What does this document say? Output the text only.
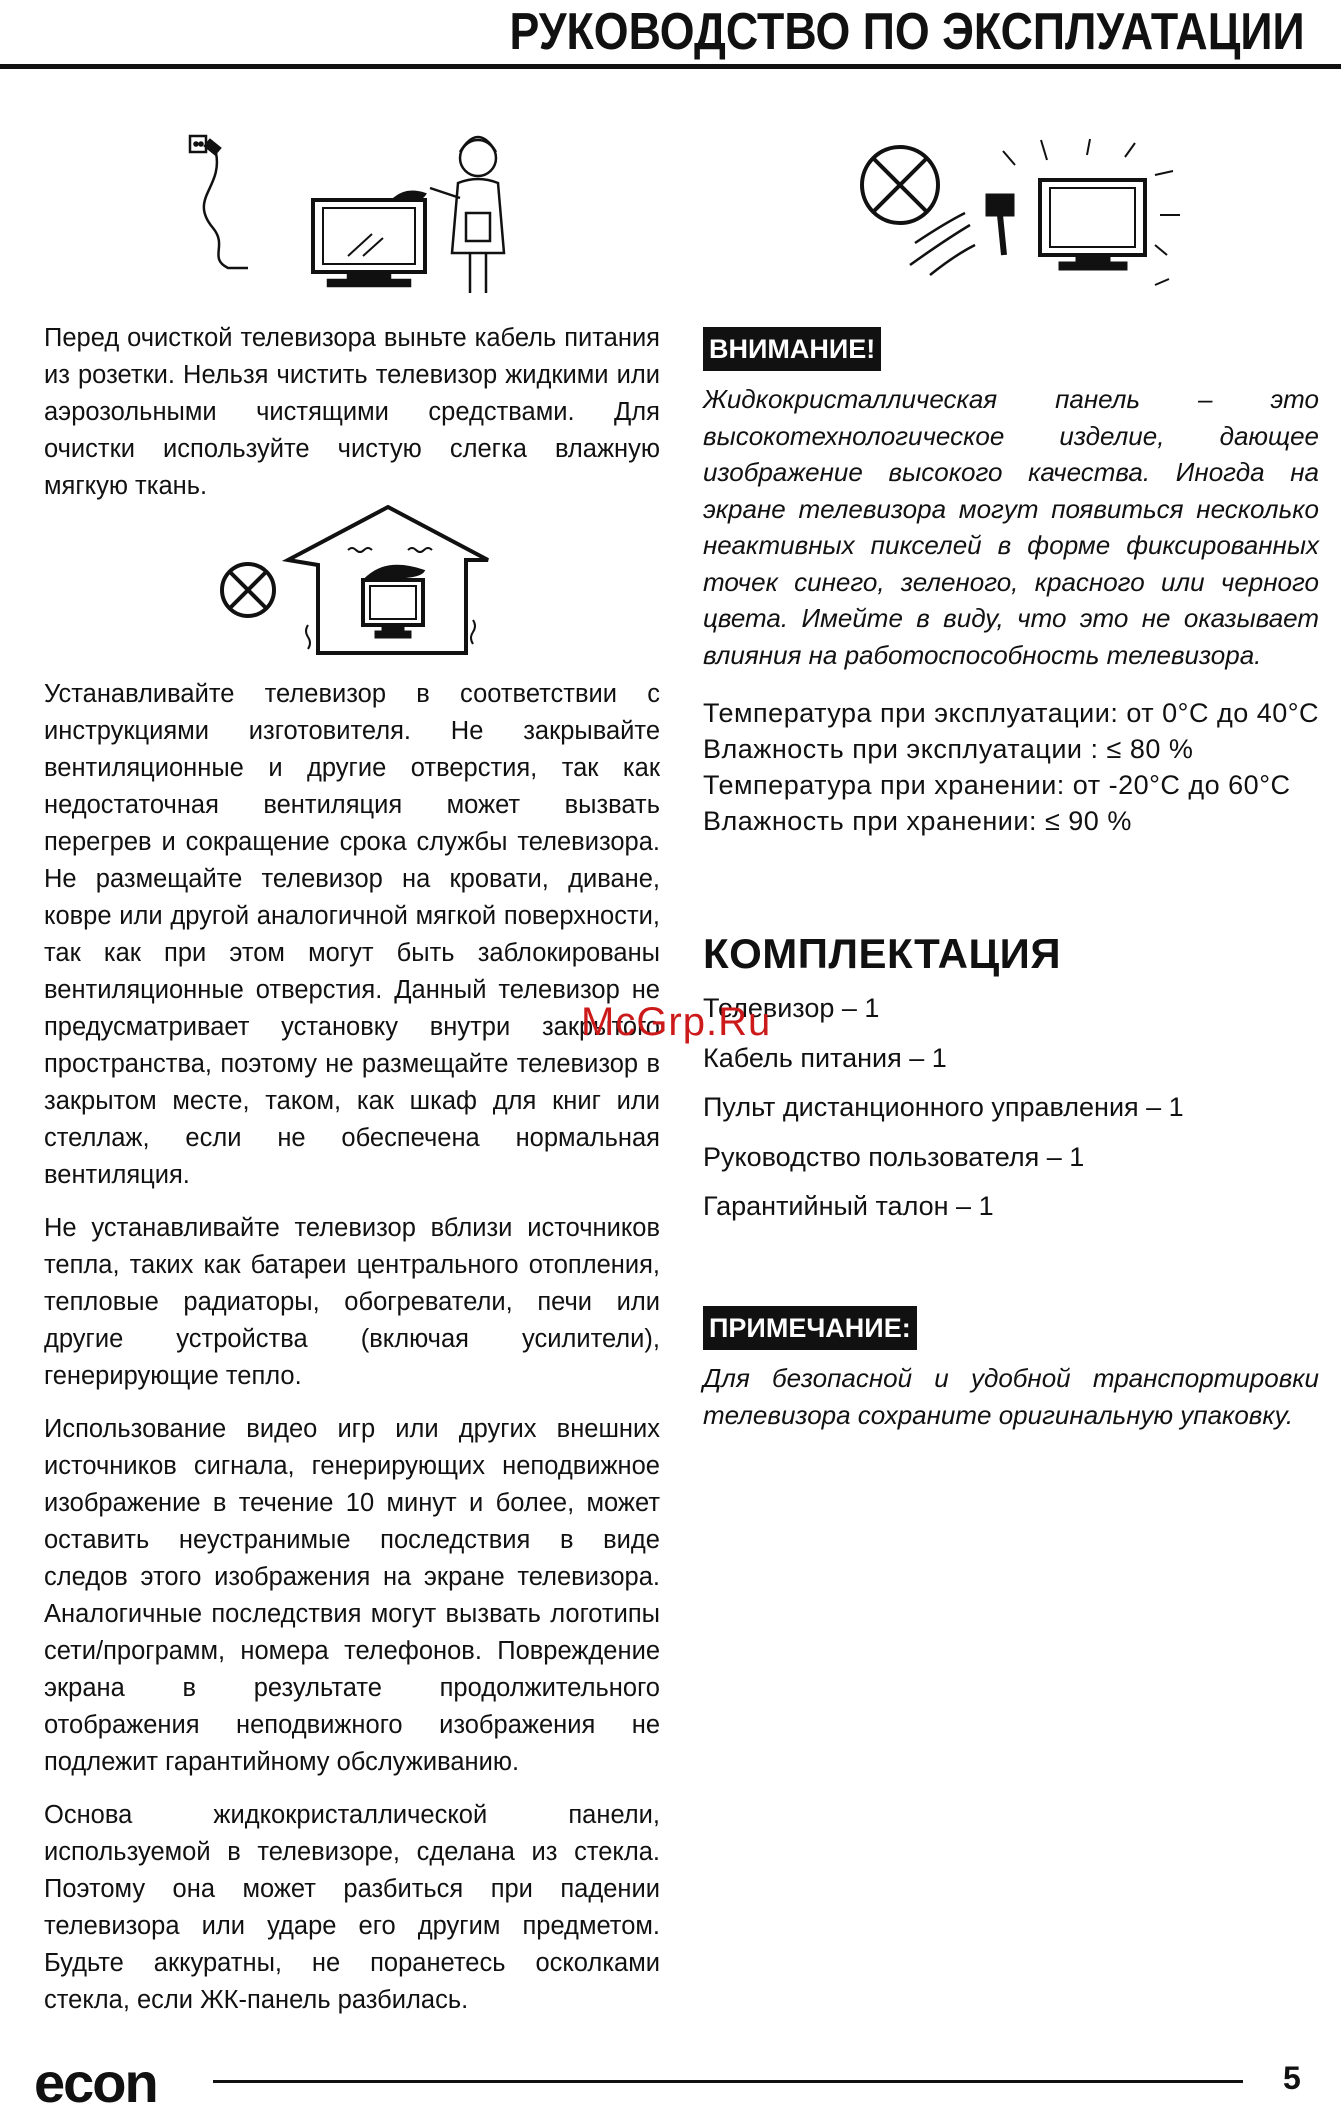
РУКОВОДСТВО ПО ЭКСПЛУАТАЦИИ

Перед очисткой телевизора выньте кабель питания из розетки. Нельзя чистить телевизор жидкими или аэрозольными чистящими средствами. Для очистки используйте чистую слегка влажную мягкую ткань.

Устанавливайте телевизор в соответствии с инструкциями изготовителя. Не закрывайте вентиляционные и другие отверстия, так как недостаточная вентиляция может вызвать перегрев и сокращение срока службы телевизора. Не размещайте телевизор на кровати, диване, ковре или другой аналогичной мягкой поверхности, так как при этом могут быть заблокированы вентиляционные отверстия. Данный телевизор не предусматривает установку внутри закрытого пространства, поэтому не размещайте телевизор в закрытом месте, таком, как шкаф для книг или стеллаж, если не обеспечена нормальная вентиляция.

Не устанавливайте телевизор вблизи источников тепла, таких как батареи центрального отопления, тепловые радиаторы, обогреватели, печи или другие устройства (включая усилители), генерирующие тепло.

Использование видео игр или других внешних источников сигнала, генерирующих неподвижное изображение в течение 10 минут и более, может оставить неустранимые последствия в виде следов этого изображения на экране телевизора. Аналогичные последствия могут вызвать логотипы сети/программ, номера телефонов. Повреждение экрана в результате продолжительного отображения неподвижного изображения не подлежит гарантийному обслуживанию.

Основа жидкокристаллической панели, используемой в телевизоре, сделана из стекла. Поэтому она может разбиться при падении телевизора или ударе его другим предметом. Будьте аккуратны, не поранетесь осколками стекла, если ЖК-панель разбилась.

ВНИМАНИЕ!

Жидкокристаллическая панель – это высокотехнологическое изделие, дающее изображение высокого качества. Иногда на экране телевизора могут появиться несколько неактивных пикселей в форме фиксированных точек синего, зеленого, красного или черного цвета. Имейте в виду, что это не оказывает влияния на работоспособность телевизора.

Температура при эксплуатации: от 0°С до 40°С

Влажность при эксплуатации : ≤ 80 %

Температура при хранении: от -20°С до 60°С

Влажность при хранении: ≤ 90 %

КОМПЛЕКТАЦИЯ

Телевизор – 1

Кабель питания – 1

Пульт дистанционного управления – 1

Руководство пользователя – 1

Гарантийный талон – 1

ПРИМЕЧАНИЕ:

Для безопасной и удобной транспортировки телевизора сохраните оригинальную упаковку.

McGrp.Ru
econ	5
